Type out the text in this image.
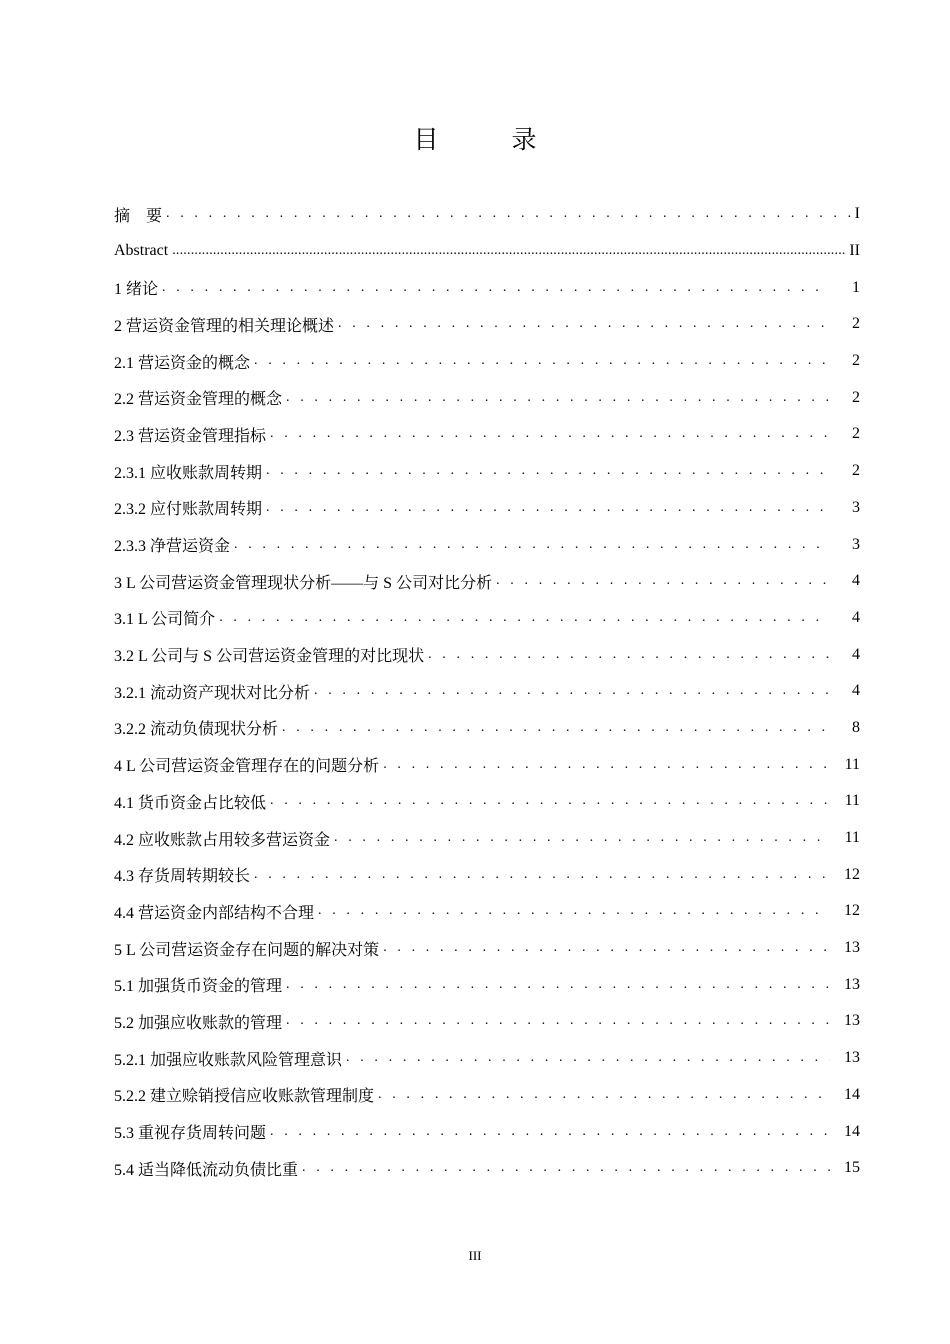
目　录
摘　要 . . .	I
Abstract .....	II
1 绪论 . . .	1
2 营运资金管理的相关理论概述 . . .	2
2.1 营运资金的概念 . . .	2
2.2 营运资金管理的概念 . . .	2
2.3 营运资金管理指标 . . .	2
2.3.1 应收账款周转期 . . .	2
2.3.2 应付账款周转期 . . .	3
2.3.3 净营运资金 . . .	3
3 L 公司营运资金管理现状分析——与 S 公司对比分析 . . .	4
3.1 L 公司简介 . . .	4
3.2 L 公司与 S 公司营运资金管理的对比现状 . . .	4
3.2.1 流动资产现状对比分析 . . .	4
3.2.2 流动负债现状分析 . . .	8
4 L 公司营运资金管理存在的问题分析 . . .	11
4.1 货币资金占比较低 . . .	11
4.2 应收账款占用较多营运资金 . . .	11
4.3 存货周转期较长 . . .	12
4.4 营运资金内部结构不合理 . . .	12
5 L 公司营运资金存在问题的解决对策 . . .	13
5.1 加强货币资金的管理 . . .	13
5.2 加强应收账款的管理 . . .	13
5.2.1 加强应收账款风险管理意识 . . .	13
5.2.2 建立赊销授信应收账款管理制度 . . .	14
5.3 重视存货周转问题 . . .	14
5.4 适当降低流动负债比重 . . .	15
III
